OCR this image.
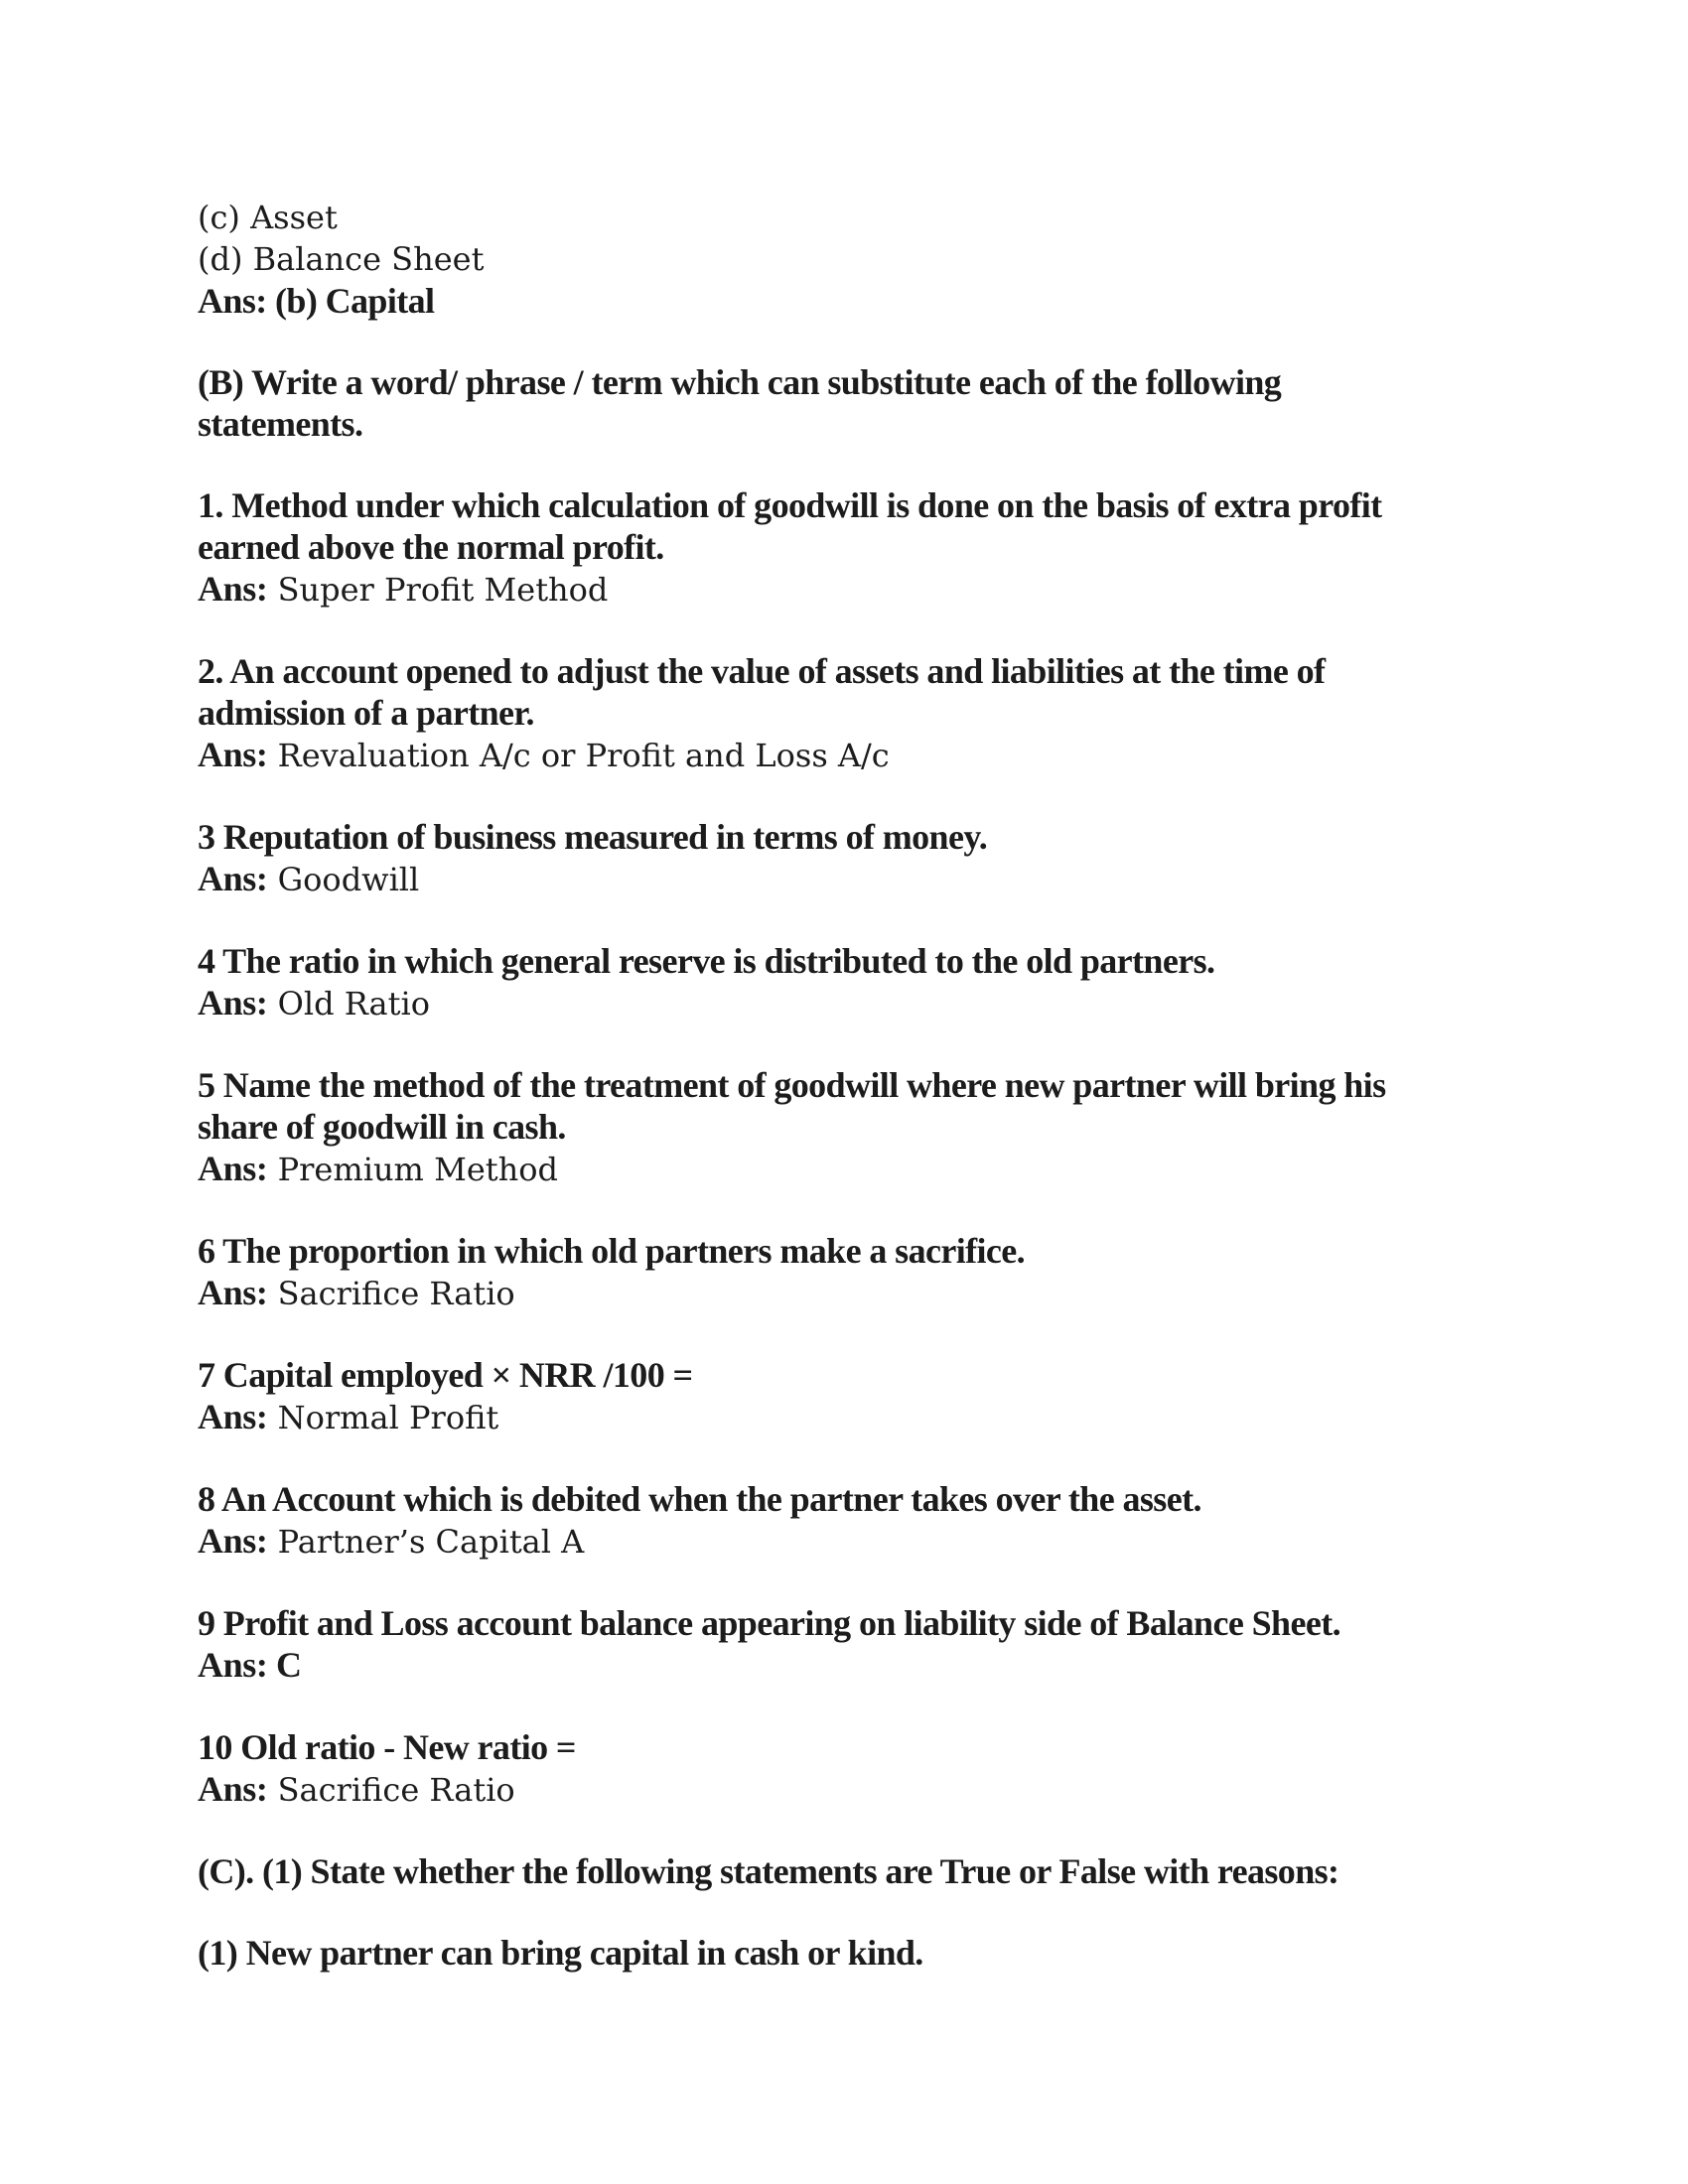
(c) Asset

(d) Balance Sheet

Ans: (b) Capital

(B) Write a word/ phrase / term which can substitute each of the following

statements.

1. Method under which calculation of goodwill is done on the basis of extra profit

earned above the normal profit.

Ans: Super Profit Method

2. An account opened to adjust the value of assets and liabilities at the time of

admission of a partner.

Ans: Revaluation A/c or Profit and Loss A/c

3 Reputation of business measured in terms of money.

Ans: Goodwill

4 The ratio in which general reserve is distributed to the old partners.

Ans: Old Ratio

5 Name the method of the treatment of goodwill where new partner will bring his

share of goodwill in cash.

Ans: Premium Method

6 The proportion in which old partners make a sacrifice.

Ans: Sacrifice Ratio

7 Capital employed × NRR /100 =

Ans: Normal Profit

8 An Account which is debited when the partner takes over the asset.

Ans: Partner’s Capital A

9 Profit and Loss account balance appearing on liability side of Balance Sheet.

Ans: C

10 Old ratio - New ratio =

Ans: Sacrifice Ratio

(C). (1) State whether the following statements are True or False with reasons:

(1) New partner can bring capital in cash or kind.
